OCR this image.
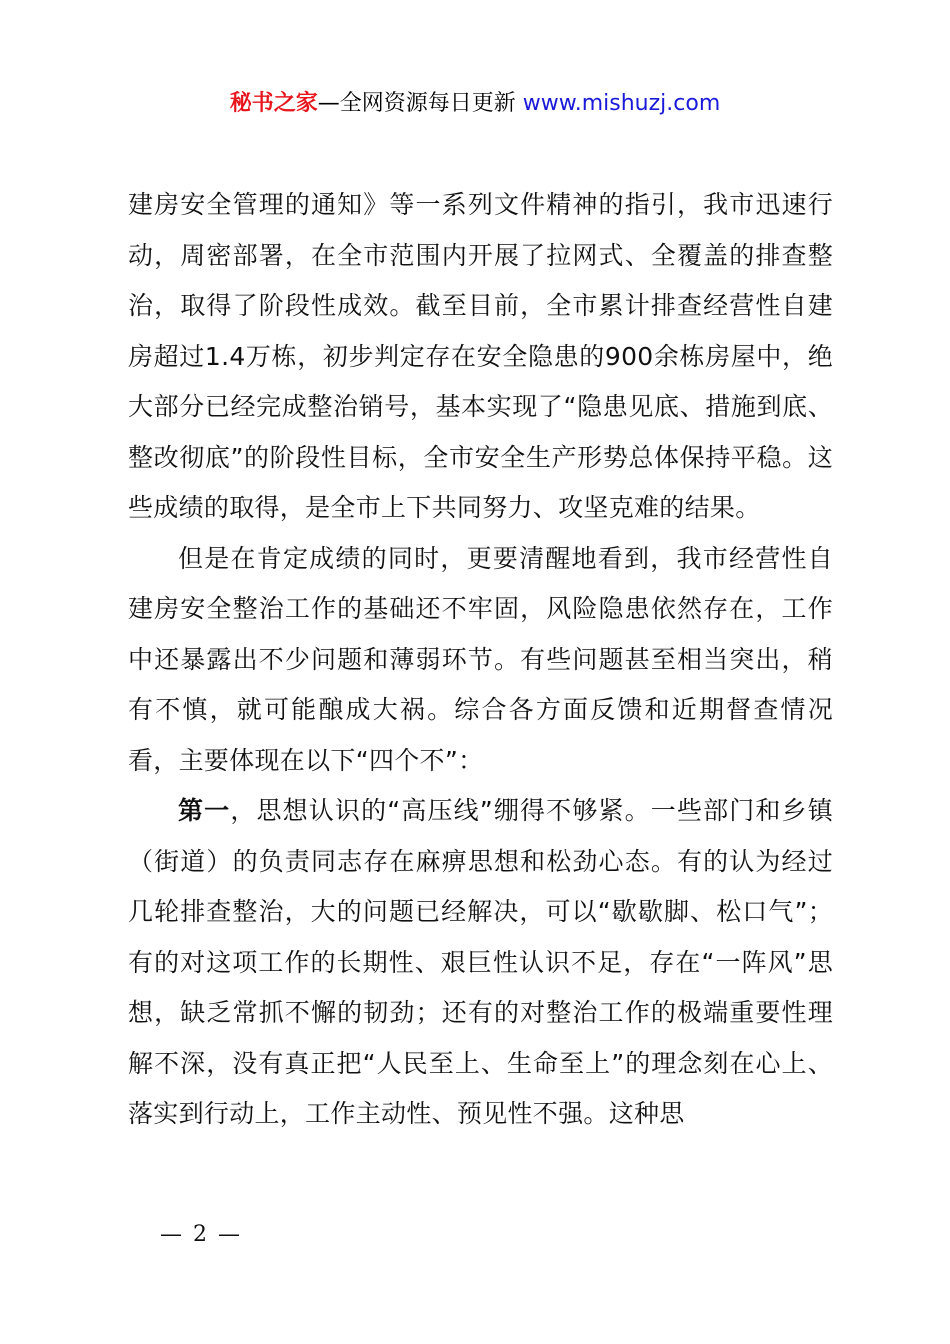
秘书之家—全网资源每日更新 www.mishuzj.com

建房安全管理的通知》等一系列文件精神的指引，我市迅速行动，周密部署，在全市范围内开展了拉网式、全覆盖的排查整治，取得了阶段性成效。截至目前，全市累计排查经营性自建房超过1.4万栋，初步判定存在安全隐患的900余栋房屋中，绝大部分已经完成整治销号，基本实现了“隐患见底、措施到底、整改彻底”的阶段性目标，全市安全生产形势总体保持平稳。这些成绩的取得，是全市上下共同努力、攻坚克难的结果。

但是在肯定成绩的同时，更要清醒地看到，我市经营性自建房安全整治工作的基础还不牢固，风险隐患依然存在，工作中还暴露出不少问题和薄弱环节。有些问题甚至相当突出，稍有不慎，就可能酿成大祸。综合各方面反馈和近期督查情况看，主要体现在以下“四个不”：

第一，思想认识的“高压线”绷得不够紧。一些部门和乡镇（街道）的负责同志存在麻痹思想和松劲心态。有的认为经过几轮排查整治，大的问题已经解决，可以“歇歇脚、松口气”；有的对这项工作的长期性、艰巨性认识不足，存在“一阵风”思想，缺乏常抓不懈的韧劲；还有的对整治工作的极端重要性理解不深，没有真正把“人民至上、生命至上”的理念刻在心上、落实到行动上，工作主动性、预见性不强。这种思

— 2 —
